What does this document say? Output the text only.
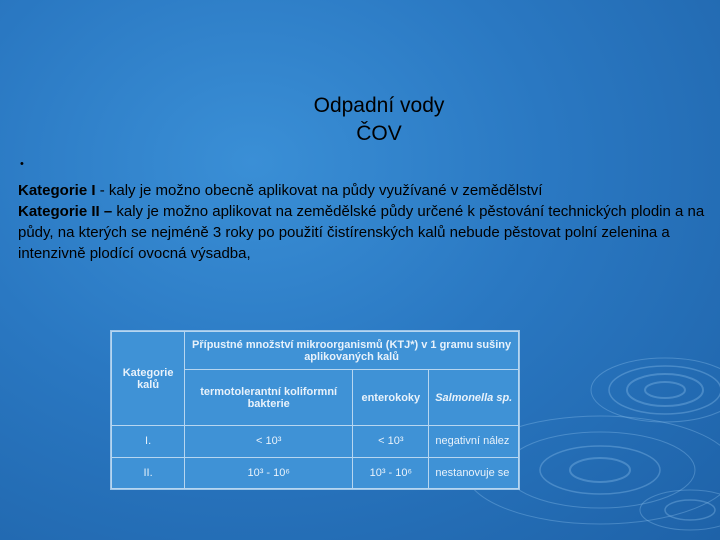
Odpadní vody
ČOV
•
Kategorie I - kaly je možno obecně aplikovat na půdy využívané v zemědělství
Kategorie II – kaly je možno aplikovat na zemědělské půdy určené k pěstování technických plodin a na půdy, na kterých se nejméně 3 roky po použití čistírenských kalů nebude pěstovat polní zelenina a intenzivně plodící ovocná výsadba,
Kategorie kalů	Přípustné množství mikroorganismů (KTJ*) v 1 gramu sušiny aplikovaných kalů		
	termotolerantní koliformní bakterie	enterokoky	Salmonella sp.
I.	< 10³	< 10³	negativní nález
II.	10³ - 10⁶	10³ - 10⁶	nestanovuje se
